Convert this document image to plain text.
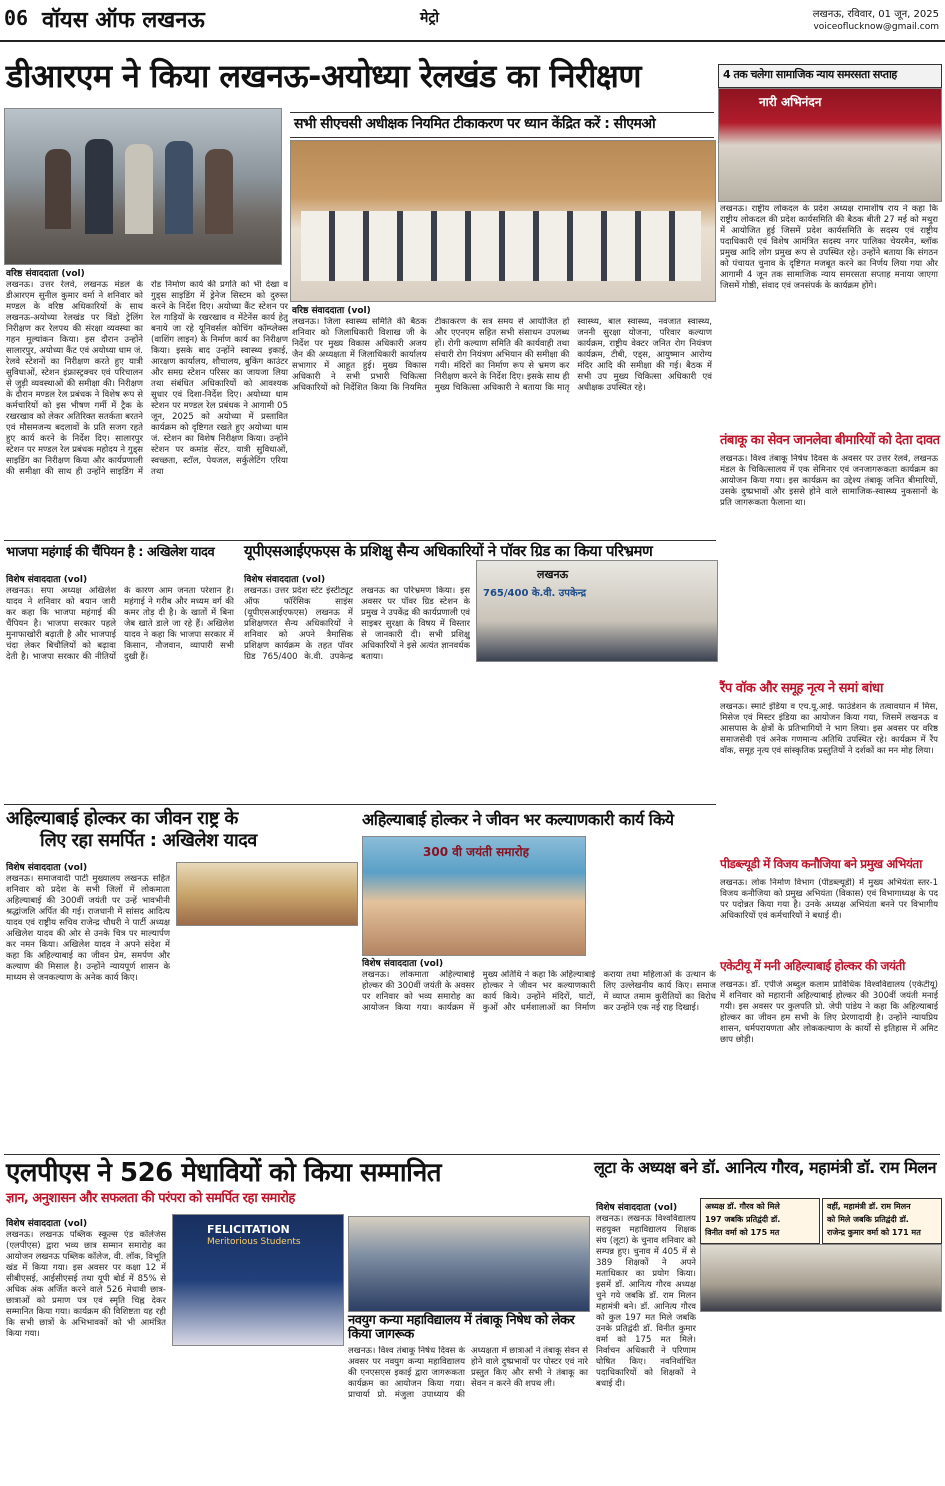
06 वॉयस ऑफ लखनऊ	मेट्रो	लखनऊ, रविवार, 01 जून, 2025
voiceoflucknow@gmail.com
डीआरएम ने किया लखनऊ-अयोध्या रेलखंड का निरीक्षण
वरिष्ठ संवाददाता (vol)
लखनऊ। उत्तर रेलवे, लखनऊ मंडल के डीआरएम सुनील कुमार वर्मा ने शनिवार को मण्डल के वरिष्ठ अधिकारियों के साथ लखनऊ-अयोध्या रेलखंड पर विंडो ट्रेलिंग निरीक्षण कर रेलपथ की संरक्षा व्यवस्था का गहन मूल्यांकन किया। इस दौरान उन्होंने सालारपुर, अयोध्या कैंट एवं अयोध्या धाम जं. रेलवे स्टेशनों का निरीक्षण करते हुए यात्री सुविधाओं, स्टेशन इंफ्रास्ट्रक्चर एवं परिचालन से जुड़ी व्यवस्थाओं की समीक्षा की। निरीक्षण के दौरान मण्डल रेल प्रबंधक ने विशेष रूप से कर्मचारियों को इस भीषण गर्मी में ट्रैक के रखरखाव को लेकर अतिरिक्त सतर्कता बरतने एवं मौसमजन्य बदलावों के प्रति सजग रहते हुए कार्य करने के निर्देश दिए। सालारपुर स्टेशन पर मण्डल रेल प्रबंधक महोदय ने गुड्स साइडिंग का निरीक्षण किया और कार्यप्रणाली की समीक्षा की साथ ही उन्होंने साइडिंग में रोड निर्माण कार्य की प्रगति को भी देखा व गुड्स साइडिंग में ड्रेनेज सिस्टम को दुरुस्त करने के निर्देश दिए। अयोध्या कैंट स्टेशन पर रेल गाड़ियों के रखरखाव व मेंटेनेंस कार्य हेतु बनाये जा रहे यूनिवर्सल कोचिंग कॉम्प्लेक्स (वाशिंग लाइन) के निर्माण कार्य का निरीक्षण किया। इसके बाद उन्होंने स्वास्थ्य इकाई, आरक्षण कार्यालय, शौचालय, बुकिंग काउंटर और समग्र स्टेशन परिसर का जायजा लिया तथा संबंधित अधिकारियों को आवश्यक सुधार एवं दिशा-निर्देश दिए। अयोध्या धाम स्टेशन पर मण्डल रेल प्रबंधक ने आगामी 05 जून, 2025 को अयोध्या में प्रस्तावित कार्यक्रम को दृष्टिगत रखते हुए अयोध्या धाम जं. स्टेशन का विशेष निरीक्षण किया। उन्होंने स्टेशन पर कमांड सेंटर, यात्री सुविधाओं, स्वच्छता, स्टॉल, पेयजल, सर्कुलेटिंग एरिया तथा
सभी सीएचसी अधीक्षक नियमित टीकाकरण पर ध्यान केंद्रित करें : सीएमओ
वरिष्ठ संवाददाता (vol)
लखनऊ। जिला स्वास्थ्य समिति की बैठक शनिवार को जिलाधिकारी विशाख जी के निर्देश पर मुख्य विकास अधिकारी अजय जैन की अध्यक्षता में जिलाधिकारी कार्यालय सभागार में आहूत हुई। मुख्य विकास अधिकारी ने सभी प्रभारी चिकित्सा अधिकारियों को निर्देशित किया कि नियमित टीकाकरण के सत्र समय से आयोजित हों और एएनएम सहित सभी संसाधन उपलब्ध हों। रोगी कल्याण समिति की कार्यवाही तथा संचारी रोग नियंत्रण अभियान की समीक्षा की गयी। मंदिरों का निर्माण रूप से भ्रमण कर निरीक्षण करने के निर्देश दिए। इसके साथ ही मुख्य चिकित्सा अधिकारी ने बताया कि मातृ स्वास्थ्य, बाल स्वास्थ्य, नवजात स्वास्थ्य, जननी सुरक्षा योजना, परिवार कल्याण कार्यक्रम, राष्ट्रीय वेक्टर जनित रोग नियंत्रण कार्यक्रम, टीबी, एड्स, आयुष्मान आरोग्य मंदिर आदि की समीक्षा की गई। बैठक में सभी उप मुख्य चिकित्सा अधिकारी एवं अधीक्षक उपस्थित रहे।
4 तक चलेगा सामाजिक न्याय समरसता सप्ताह
नारी अभिनंदन
लखनऊ। राष्ट्रीय लोकदल के प्रदेश अध्यक्ष रामाशीष राय ने कहा कि राष्ट्रीय लोकदल की प्रदेश कार्यसमिति की बैठक बीती 27 मई को मथुरा में आयोजित हुई जिसमें प्रदेश कार्यसमिति के सदस्य एवं राष्ट्रीय पदाधिकारी एवं विशेष आमंत्रित सदस्य नगर पालिका चेयरमैन, ब्लॉक प्रमुख आदि लोग प्रमुख रूप से उपस्थित रहे। उन्होंने बताया कि संगठन को पंचायत चुनाव के दृष्टिगत मजबूत करने का निर्णय लिया गया और आगामी 4 जून तक सामाजिक न्याय समरसता सप्ताह मनाया जाएगा जिसमें गोष्ठी, संवाद एवं जनसंपर्क के कार्यक्रम होंगे।
तंबाकू का सेवन जानलेवा बीमारियों को देता दावत
लखनऊ। विश्व तंबाकू निषेध दिवस के अवसर पर उत्तर रेलवे, लखनऊ मंडल के चिकित्सालय में एक सेमिनार एवं जनजागरूकता कार्यक्रम का आयोजन किया गया। इस कार्यक्रम का उद्देश्य तंबाकू जनित बीमारियों, उसके दुष्प्रभावों और इससे होने वाले सामाजिक-स्वास्थ्य नुकसानों के प्रति जागरूकता फैलाना था।
रैंप वॉक और समूह नृत्य ने समां बांधा
लखनऊ। स्मार्ट इंडिया व एच.यू.आई. फाउंडेशन के तत्वावधान में मिस, मिसेज एवं मिस्टर इंडिया का आयोजन किया गया, जिसमें लखनऊ व आसपास के क्षेत्रों के प्रतिभागियों ने भाग लिया। इस अवसर पर वरिष्ठ समाजसेवी एवं अनेक गणमान्य अतिथि उपस्थित रहे। कार्यक्रम में रैंप वॉक, समूह नृत्य एवं सांस्कृतिक प्रस्तुतियों ने दर्शकों का मन मोह लिया।
पीडब्ल्यूडी में विजय कनौजिया बने प्रमुख अभियंता
लखनऊ। लोक निर्माण विभाग (पीडब्ल्यूडी) में मुख्य अभियंता स्तर-1 विजय कनौजिया को प्रमुख अभियंता (विकास) एवं विभागाध्यक्ष के पद पर पदोन्नत किया गया है। उनके अध्यक्ष अभियंता बनने पर विभागीय अधिकारियों एवं कर्मचारियों ने बधाई दी।
एकेटीयू में मनी अहिल्याबाई होल्कर की जयंती
लखनऊ। डॉ. एपीजे अब्दुल कलाम प्राविधिक विश्वविद्यालय (एकेटीयू) में शनिवार को महारानी अहिल्याबाई होल्कर की 300वीं जयंती मनाई गयी। इस अवसर पर कुलपति प्रो. जेपी पांडेय ने कहा कि अहिल्याबाई होल्कर का जीवन हम सभी के लिए प्रेरणादायी है। उन्होंने न्यायप्रिय शासन, धर्मपरायणता और लोककल्याण के कार्यों से इतिहास में अमिट छाप छोड़ी।
भाजपा महंगाई की चैंपियन है : अखिलेश यादव
विशेष संवाददाता (vol)
लखनऊ। सपा अध्यक्ष अखिलेश यादव ने शनिवार को बयान जारी कर कहा कि भाजपा महंगाई की चैंपियन है। भाजपा सरकार पहले मुनाफाखोरी बढ़ाती है और भाजपाई चंदा लेकर बिचौलियों को बढ़ावा देती है। भाजपा सरकार की नीतियों के कारण आम जनता परेशान है। महंगाई ने गरीब और मध्यम वर्ग की कमर तोड़ दी है। के खातों में बिना जेब खाते डाले जा रहे हैं। अखिलेश यादव ने कहा कि भाजपा सरकार में किसान, नौजवान, व्यापारी सभी दुखी हैं।
यूपीएसआईएफएस के प्रशिक्षु सैन्य अधिकारियों ने पॉवर ग्रिड का किया परिभ्रमण
विशेष संवाददाता (vol)
लखनऊ। उत्तर प्रदेश स्टेट इंस्टीट्यूट ऑफ फॉरेंसिक साइंस (यूपीएसआईएफएस) लखनऊ में प्रशिक्षणरत सैन्य अधिकारियों ने शनिवार को अपने त्रैमासिक प्रशिक्षण कार्यक्रम के तहत पॉवर ग्रिड 765/400 के.वी. उपकेन्द्र लखनऊ का परिभ्रमण किया। इस अवसर पर पॉवर ग्रिड स्टेशन के प्रमुख ने उपकेंद्र की कार्यप्रणाली एवं साइबर सुरक्षा के विषय में विस्तार से जानकारी दी। सभी प्रशिक्षु अधिकारियों ने इसे अत्यंत ज्ञानवर्धक बताया।
लखनऊ
765/400 के.वी. उपकेन्द्र
अहिल्याबाई होल्कर का जीवन राष्ट्र के
लिए रहा समर्पित : अखिलेश यादव
विशेष संवाददाता (vol)
लखनऊ। समाजवादी पार्टी मुख्यालय लखनऊ सहित शनिवार को प्रदेश के सभी जिलों में लोकमाता अहिल्याबाई की 300वीं जयंती पर उन्हें भावभीनी श्रद्धांजलि अर्पित की गई। राजधानी में सांसद आदित्य यादव एवं राष्ट्रीय सचिव राजेन्द्र चौधरी ने पार्टी अध्यक्ष अखिलेश यादव की ओर से उनके चित्र पर माल्यार्पण कर नमन किया। अखिलेश यादव ने अपने संदेश में कहा कि अहिल्याबाई का जीवन प्रेम, समर्पण और कल्याण की मिसाल है। उन्होंने न्यायपूर्ण शासन के माध्यम से जनकल्याण के अनेक कार्य किए।
अहिल्याबाई होल्कर ने जीवन भर कल्याणकारी कार्य किये
300 वी जयंती समारोह
विशेष संवाददाता (vol)
लखनऊ। लोकमाता अहिल्याबाई होल्कर की 300वीं जयंती के अवसर पर शनिवार को भव्य समारोह का आयोजन किया गया। कार्यक्रम में मुख्य अतिथि ने कहा कि अहिल्याबाई होल्कर ने जीवन भर कल्याणकारी कार्य किये। उन्होंने मंदिरों, घाटों, कुओं और धर्मशालाओं का निर्माण कराया तथा महिलाओं के उत्थान के लिए उल्लेखनीय कार्य किए। समाज में व्याप्त तमाम कुरीतियों का विरोध कर उन्होंने एक नई राह दिखाई।
एलपीएस ने 526 मेधावियों को किया सम्मानित
ज्ञान, अनुशासन और सफलता की परंपरा को समर्पित रहा समारोह
विशेष संवाददाता (vol)
लखनऊ। लखनऊ पब्लिक स्कूल्स एंड कॉलेजेस (एलपीएस) द्वारा भव्य छात्र सम्मान समारोह का आयोजन लखनऊ पब्लिक कॉलेज, वी. लॉक, विभूति खंड में किया गया। इस अवसर पर कक्षा 12 में सीबीएसई, आईसीएसई तथा यूपी बोर्ड में 85% से अधिक अंक अर्जित करने वाले 526 मेधावी छात्र-छात्राओं को प्रमाण पत्र एवं स्मृति चिह्न देकर सम्मानित किया गया। कार्यक्रम की विशिष्टता यह रही कि सभी छात्रों के अभिभावकों को भी आमंत्रित किया गया।
FELICITATION
Meritorious Students
नवयुग कन्या महाविद्यालय में तंबाकू निषेध को लेकर किया जागरूक
लखनऊ। विश्व तंबाकू निषेध दिवस के अवसर पर नवयुग कन्या महाविद्यालय की एनएसएस इकाई द्वारा जागरूकता कार्यक्रम का आयोजन किया गया। प्राचार्या प्रो. मंजुला उपाध्याय की अध्यक्षता में छात्राओं ने तंबाकू सेवन से होने वाले दुष्प्रभावों पर पोस्टर एवं नारे प्रस्तुत किए और सभी ने तंबाकू का सेवन न करने की शपथ ली।
लूटा के अध्यक्ष बने डॉ. आनित्य गौरव, महामंत्री डॉ. राम मिलन
विशेष संवाददाता (vol)	अध्यक्ष डॉ. गौरव को मिले
197 जबकि प्रतिद्वंदी डॉ.
विनीत वर्मा को 175 मत
वहीं, महामंत्री डॉ. राम मिलन
को मिले जबकि प्रतिद्वंदी डॉ.
राजेन्द्र कुमार वर्मा को 171 मत
लखनऊ। लखनऊ विश्वविद्यालय सहयुक्त महाविद्यालय शिक्षक संघ (लूटा) के चुनाव शनिवार को सम्पन्न हुए। चुनाव में 405 में से 389 शिक्षकों ने अपने मताधिकार का प्रयोग किया। इसमें डॉ. आनित्य गौरव अध्यक्ष चुने गये जबकि डॉ. राम मिलन महामंत्री बने। डॉ. आनित्य गौरव को कुल 197 मत मिले जबकि उनके प्रतिद्वंदी डॉ. विनीत कुमार वर्मा को 175 मत मिले। निर्वाचन अधिकारी ने परिणाम घोषित किए। नवनिर्वाचित पदाधिकारियों को शिक्षकों ने बधाई दी।
